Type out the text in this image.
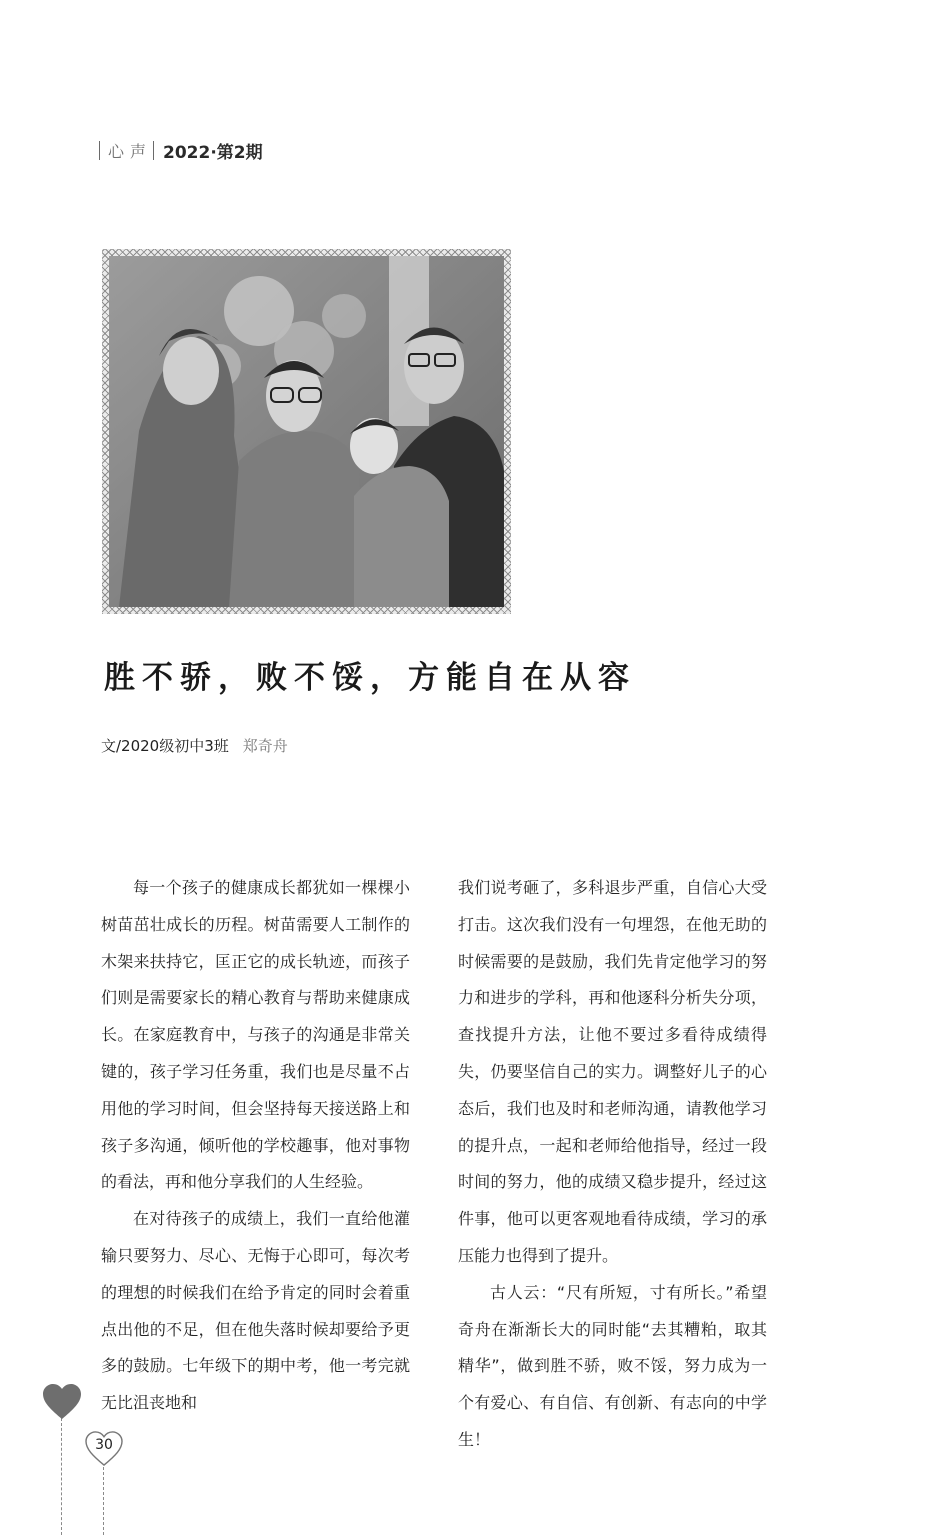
心声 2022·第2期
胜不骄，败不馁，方能自在从容
文/2020级初中3班 郑奇舟

每一个孩子的健康成长都犹如一棵棵小树苗茁壮成长的历程。树苗需要人工制作的木架来扶持它，匡正它的成长轨迹，而孩子们则是需要家长的精心教育与帮助来健康成长。在家庭教育中，与孩子的沟通是非常关键的，孩子学习任务重，我们也是尽量不占用他的学习时间，但会坚持每天接送路上和孩子多沟通，倾听他的学校趣事，他对事物的看法，再和他分享我们的人生经验。

在对待孩子的成绩上，我们一直给他灌输只要努力、尽心、无悔于心即可，每次考的理想的时候我们在给予肯定的同时会着重点出他的不足，但在他失落时候却要给予更多的鼓励。七年级下的期中考，他一考完就无比沮丧地和

我们说考砸了，多科退步严重，自信心大受打击。这次我们没有一句埋怨，在他无助的时候需要的是鼓励，我们先肯定他学习的努力和进步的学科，再和他逐科分析失分项，查找提升方法，让他不要过多看待成绩得失，仍要坚信自己的实力。调整好儿子的心态后，我们也及时和老师沟通，请教他学习的提升点，一起和老师给他指导，经过一段时间的努力，他的成绩又稳步提升，经过这件事，他可以更客观地看待成绩，学习的承压能力也得到了提升。

古人云：“尺有所短，寸有所长。”希望奇舟在渐渐长大的同时能“去其糟粕，取其精华”，做到胜不骄，败不馁，努力成为一个有爱心、有自信、有创新、有志向的中学生！

30
